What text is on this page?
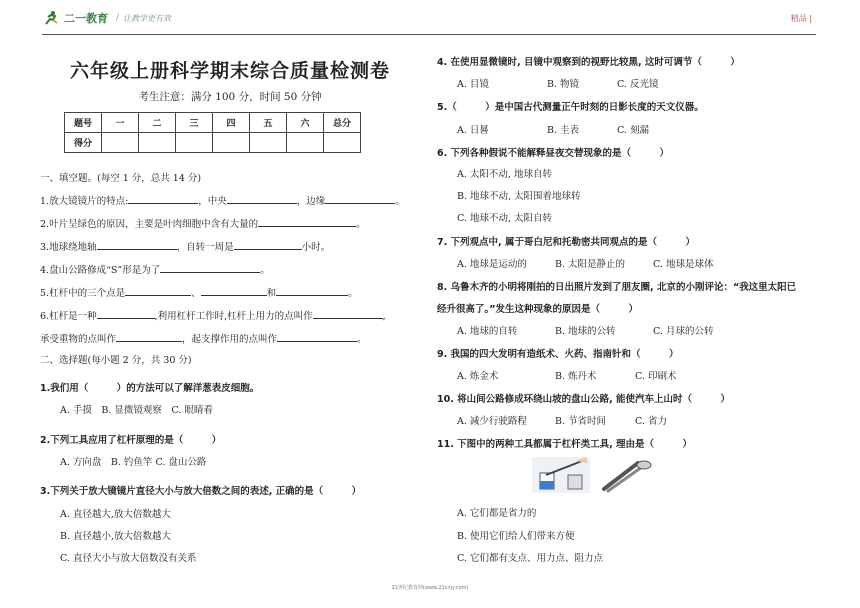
二一教育 / 让教学更有效	精品 |
六年级上册科学期末综合质量检测卷
考生注意：满分 100 分，时间 50 分钟
题号	一	二	三	四	五	六	总分
得分							
一、填空题。(每空 1 分，总共 14 分)
1.放大镜镜片的特点:	，中央	，边缘	。
2.叶片呈绿色的原因，主要是叶肉细胞中含有大量的	。
3.地球绕地轴	，自转一周是	小时。
4.盘山公路修成“S”形是为了	。
5.杠杆中的三个点是	、	和	。
6.杠杆是一种	,利用杠杆工作时,杠杆上用力的点叫作	,
承受重物的点叫作	，起支撑作用的点叫作	。
二、选择题(每小题 2 分，共 30 分)
1.我们用（　　　）的方法可以了解洋葱表皮细胞。
A. 手摸　B. 显微镜观察　C. 眼睛看
2.下列工具应用了杠杆原理的是（　　　）
A. 方向盘　B. 钓鱼竿 C. 盘山公路
3.下列关于放大镜镜片直径大小与放大倍数之间的表述, 正确的是（　　　）
A. 直径越大,放大倍数越大
B. 直径越小,放大倍数越大
C. 直径大小与放大倍数没有关系
4. 在使用显微镜时, 目镜中观察到的视野比较黑, 这时可调节（　　　）
A. 目镜	B. 物镜	C. 反光镜
5.（　　　）是中国古代测量正午时刻的日影长度的天文仪器。
A. 日晷	B. 圭表	C. 刻漏
6. 下列各种假说不能解释昼夜交替现象的是（　　　）
A. 太阳不动, 地球自转
B. 地球不动, 太阳围着地球转
C. 地球不动, 太阳自转
7. 下列观点中, 属于哥白尼和托勒密共同观点的是（　　　）
A. 地球是运动的	B. 太阳是静止的	C. 地球是球体
8. 乌鲁木齐的小明将刚拍的日出照片发到了朋友圈, 北京的小刚评论：“我这里太阳已
经升很高了。”发生这种现象的原因是（　　　）
A. 地球的自转	B. 地球的公转	C. 月球的公转
9. 我国的四大发明有造纸术、火药、指南针和（　　　）
A. 炼金术	B. 炼丹术	C. 印刷术
10. 将山间公路修成环绕山坡的盘山公路, 能使汽车上山时（　　　）
A. 减少行驶路程	B. 节省时间	C. 省力
11. 下图中的两种工具都属于杠杆类工具, 理由是（　　　）
A. 它们都是省力的
B. 使用它们给人们带来方便
C. 它们都有支点、用力点、阻力点
21世纪教育网(www.21cnjy.com)
